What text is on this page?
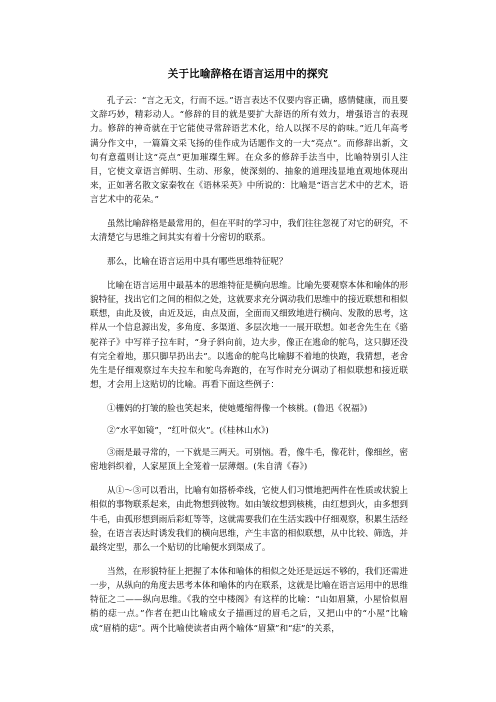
关于比喻辞格在语言运用中的探究

孔子云：“言之无文，行而不远。”语言表达不仅要内容正确，感情健康，而且要文辞巧妙，精彩动人。“修辞的目的就是要扩大辞语的所有效力，增强语言的表现力。修辞的神奇就在于它能使寻常辞语艺术化，给人以探不尽的韵味。”近几年高考满分作文中，一篇篇文采飞扬的佳作成为话题作文的一大“亮点”。而修辞出新，文句有意蕴则让这“亮点”更加璀璨生辉。在众多的修辞手法当中，比喻特别引人注目，它使文章语言鲜明、生动、形象，使深刻的、抽象的道理浅显地直观地体现出来，正如著名散文家秦牧在《语林采英》中所说的：比喻是“语言艺术中的艺术，语言艺术中的花朵。”

虽然比喻辞格是最常用的，但在平时的学习中，我们往往忽视了对它的研究，不太清楚它与思维之间其实有着十分密切的联系。

那么，比喻在语言运用中具有哪些思维特征呢？

比喻在语言运用中最基本的思维特征是横向思维。比喻先要观察本体和喻体的形貌特征，找出它们之间的相似之处，这就要求充分调动我们思维中的接近联想和相似联想，由此及彼，由近及远，由点及面，全面而又细致地进行横向、发散的思考，这样从一个信息源出发，多角度、多渠道、多层次地一一展开联想。如老舍先生在《骆驼祥子》中写祥子拉车时，“身子斜向前，边大步，像正在逃命的鸵鸟，这只脚还没有完全着地，那只脚早扔出去”。以逃命的鸵鸟比喻脚不着地的快跑，我猜想，老舍先生是仔细观察过车夫拉车和鸵鸟奔跑的，在写作时充分调动了相似联想和接近联想，才会用上这贴切的比喻。再看下面这些例子：

①栅妈的打皱的脸也笑起来，使她蹙缩得像一个核桃。(鲁迅《祝福》)

②“水平如镜”，“红叶似火”。(《桂林山水》)

③雨是最寻常的，一下就是三两天。可别恼。看，像牛毛，像花针，像细丝，密密地斜织着，人家屋顶上全笼着一层薄烟。(朱自清《春》)

从①～③可以看出，比喻有如搭桥牵线，它使人们习惯地把两件在性质或状貌上相似的事物联系起来，由此物想到彼物。如由皱纹想到核桃，由红想到火，由多想到牛毛，由孤形想到雨后彩虹等等，这就需要我们在生活实践中仔细观察，积累生活经验，在语言表达时诱发我们的横向思维，产生丰富的相似联想，从中比较、筛选，并最终定型，那么一个贴切的比喻便水到渠成了。

当然，在形貌特征上把握了本体和喻体的相似之处还是远远不够的，我们还需进一步，从纵向的角度去思考本体和喻体的内在联系，这就是比喻在语言运用中的思维特征之二——纵向思维。《我的空中楼阁》有这样的比喻：“山如眉黛，小屋恰似眉梢的痣一点。”作者在把山比喻成女子描画过的眉毛之后，又把山中的“小屋”比喻成“眉梢的痣”。两个比喻使读者由两个喻体“眉黛”和“痣”的关系，
